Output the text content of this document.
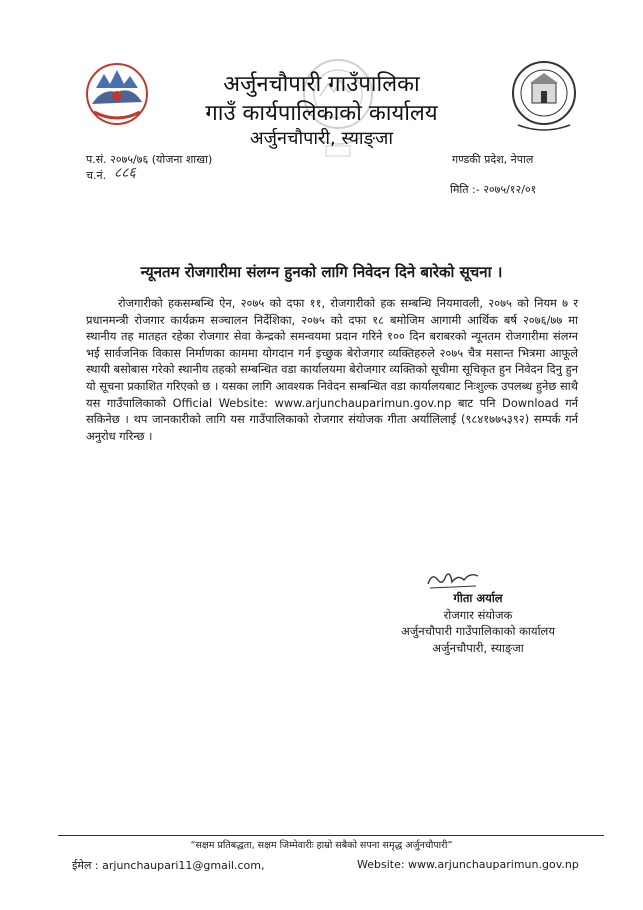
अर्जुनचौपारी गाउँपालिका
गाउँ कार्यपालिकाको कार्यालय
अर्जुनचौपारी, स्याङ्जा
प.सं. २०७५/७६ (योजना शाखा)
च.नं. ८८६
गण्डकी प्रदेश, नेपाल
मिति :- २०७५/१२/०१
न्यूनतम रोजगारीमा संलग्न हुनको लागि निवेदन दिने बारेको सूचना ।
रोजगारीको हकसम्बन्धि ऐन, २०७५ को दफा ११, रोजगारीको हक सम्बन्धि नियमावली, २०७५ को नियम ७ र प्रधानमन्त्री रोजगार कार्यक्रम सञ्चालन निर्देशिका, २०७५ को दफा १८ बमोजिम आगामी आर्थिक बर्ष २०७६/७७ मा स्थानीय तह मातहत रहेका रोजगार सेवा केन्द्रको समन्वयमा प्रदान गरिने १०० दिन बराबरको न्यूनतम रोजगारीमा संलग्न भई सार्वजनिक विकास निर्माणका काममा योगदान गर्न इच्छुक बेरोजगार व्यक्तिहरुले २०७५ चैत्र मसान्त भित्रमा आफूले स्थायी बसोबास गरेको स्थानीय तहको सम्बन्धित वडा कार्यालयमा बेरोजगार व्यक्तिको सूचीमा सूचिकृत हुन निवेदन दिनु हुन यो सूचना प्रकाशित गरिएको छ । यसका लागि आवश्यक निवेदन सम्बन्धित वडा कार्यालयबाट निःशुल्क उपलब्ध हुनेछ साथै यस गाउँपालिकाको Official Website: www.arjunchauparimun.gov.np बाट पनि Download गर्न सकिनेछ । थप जानकारीको लागि यस गाउँपालिकाको रोजगार संयोजक गीता अर्यालिलाई (९८४१७७५३९२) सम्पर्क गर्न अनुरोध गरिन्छ ।
गीता अर्याल
रोजगार संयोजक
अर्जुनचौपारी गाउँपालिकाको कार्यालय
अर्जुनचौपारी, स्याङ्जा
“सक्षम प्रतिबद्धता, सक्षम जिम्मेवारीः हाम्रो सबैको सपना समृद्ध अर्जुनचौपारी”
ईमेल : arjunchaupari11@gmail.com,	Website: www.arjunchauparimun.gov.np
